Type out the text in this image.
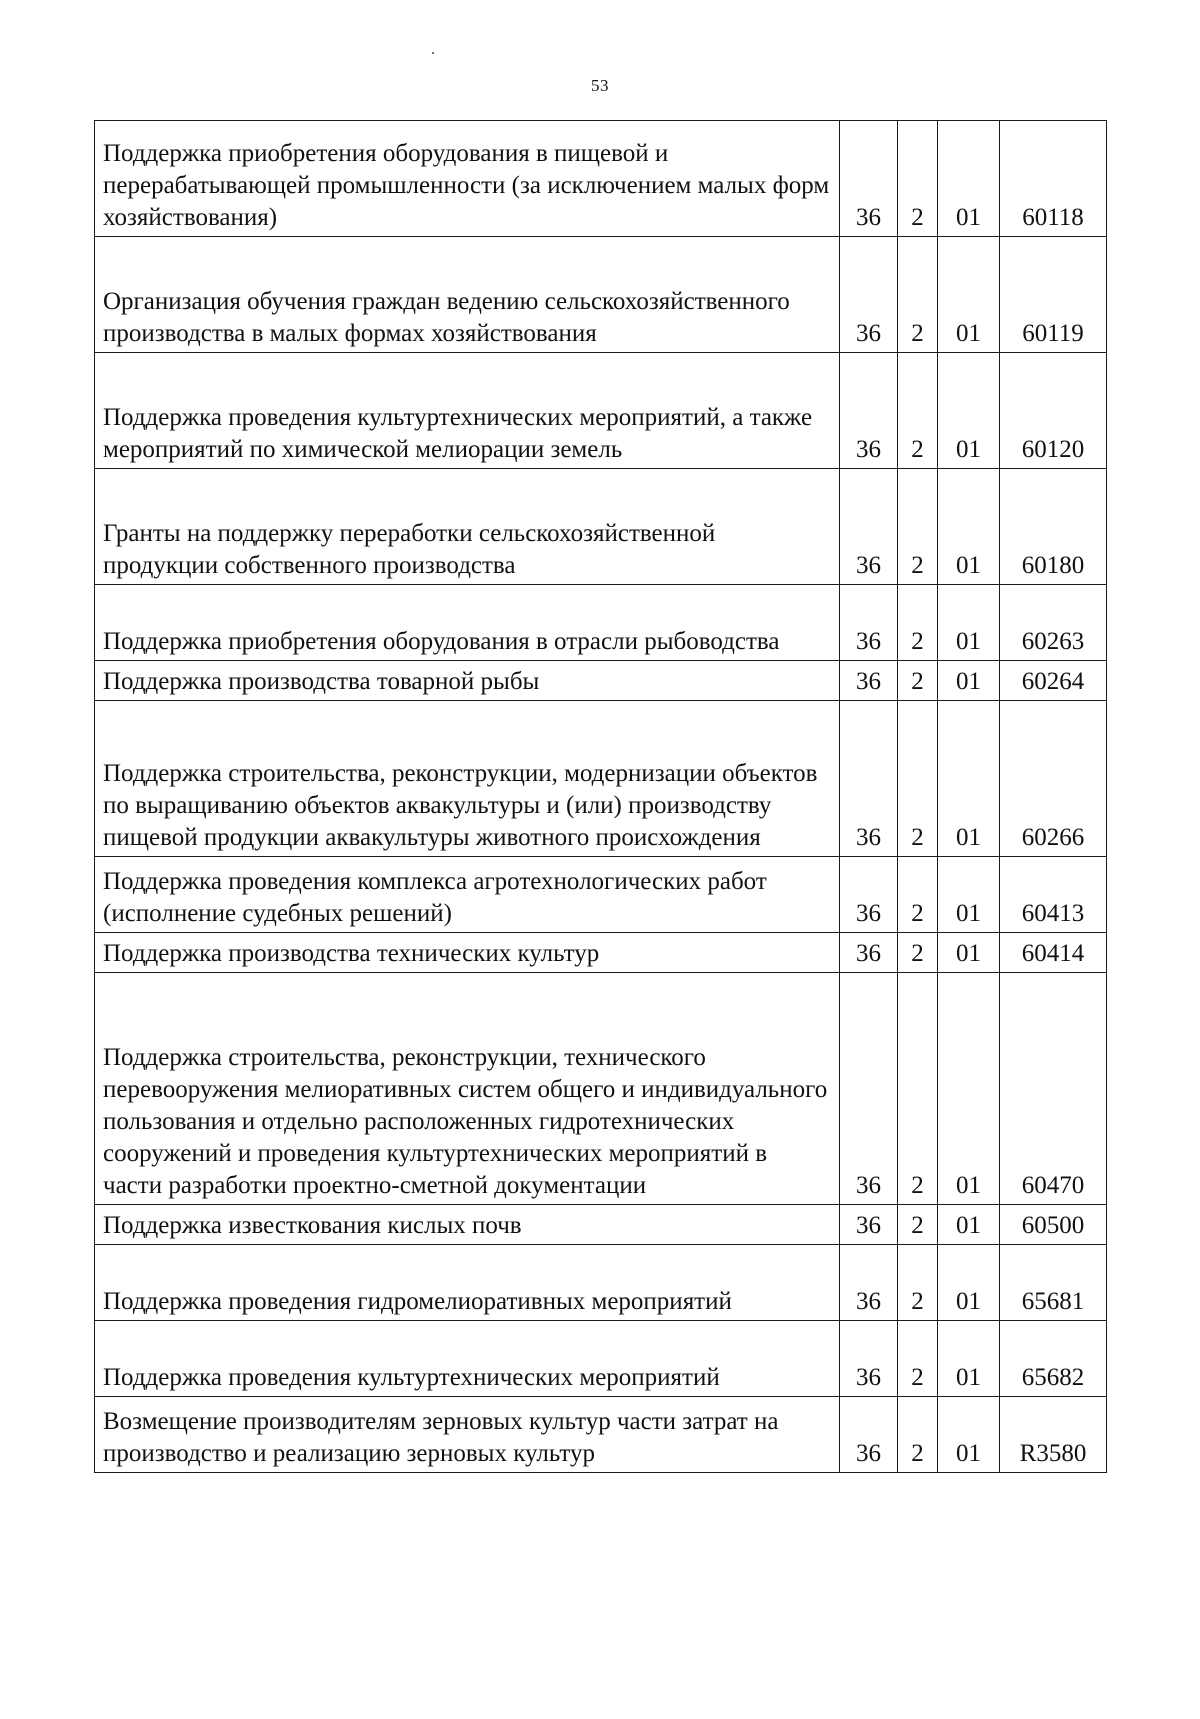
53
Поддержка приобретения оборудования в пищевой и перерабатывающей промышленности (за исключением малых форм хозяйствования)	36	2	01	60118
Организация обучения граждан ведению сельскохозяйственного производства в малых формах хозяйствования	36	2	01	60119
Поддержка проведения культуртехнических мероприятий, а также мероприятий по химической мелиорации земель	36	2	01	60120
Гранты на поддержку переработки сельскохозяйственной продукции собственного производства	36	2	01	60180
Поддержка приобретения оборудования в отрасли рыбоводства	36	2	01	60263
Поддержка производства товарной рыбы	36	2	01	60264
Поддержка строительства, реконструкции, модернизации объектов по выращиванию объектов аквакультуры и (или) производству пищевой продукции аквакультуры животного происхождения	36	2	01	60266
Поддержка проведения комплекса агротехнологических работ (исполнение судебных решений)	36	2	01	60413
Поддержка производства технических культур	36	2	01	60414
Поддержка строительства, реконструкции, технического перевооружения мелиоративных систем общего и индивидуального пользования и отдельно расположенных гидротехнических сооружений и проведения культуртехнических мероприятий в части разработки проектно-сметной документации	36	2	01	60470
Поддержка известкования кислых почв	36	2	01	60500
Поддержка проведения гидромелиоративных мероприятий	36	2	01	65681
Поддержка проведения культуртехнических мероприятий	36	2	01	65682
Возмещение производителям зерновых культур части затрат на производство и реализацию зерновых культур	36	2	01	R3580
